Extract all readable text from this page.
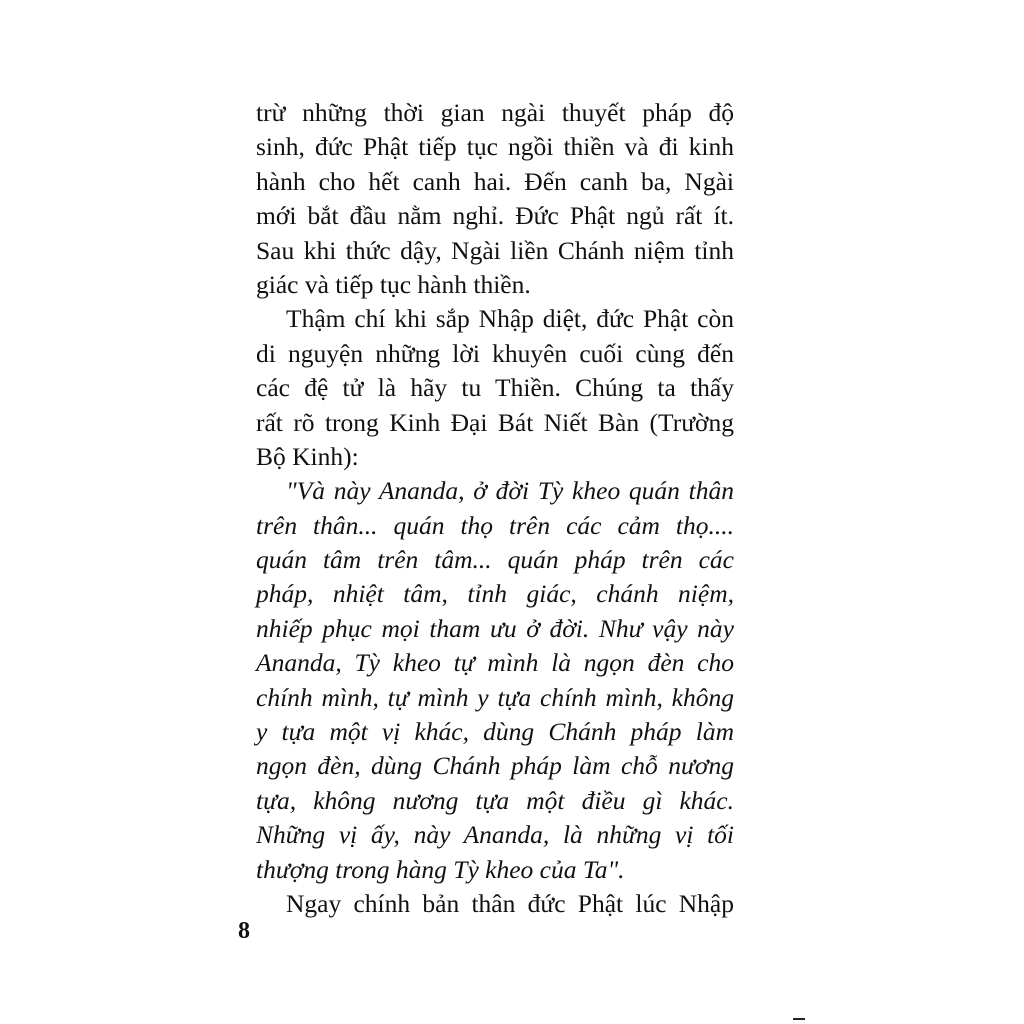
trừ những thời gian ngài thuyết pháp độ
sinh, đức Phật tiếp tục ngồi thiền và đi kinh
hành cho hết canh hai. Đến canh ba, Ngài
mới bắt đầu nằm nghỉ. Đức Phật ngủ rất ít.
Sau khi thức dậy, Ngài liền Chánh niệm tỉnh
giác và tiếp tục hành thiền.
Thậm chí khi sắp Nhập diệt, đức Phật còn
di nguyện những lời khuyên cuối cùng đến
các đệ tử là hãy tu Thiền. Chúng ta thấy
rất rõ trong Kinh Đại Bát Niết Bàn (Trường
Bộ Kinh):
"Và này Ananda, ở đời Tỳ kheo quán thân
trên thân... quán thọ trên các cảm thọ....
quán tâm trên tâm... quán pháp trên các
pháp, nhiệt tâm, tỉnh giác, chánh niệm,
nhiếp phục mọi tham ưu ở đời. Như vậy này
Ananda, Tỳ kheo tự mình là ngọn đèn cho
chính mình, tự mình y tựa chính mình, không
y tựa một vị khác, dùng Chánh pháp làm
ngọn đèn, dùng Chánh pháp làm chỗ nương
tựa, không nương tựa một điều gì khác.
Những vị ấy, này Ananda, là những vị tối
thượng trong hàng Tỳ kheo của Ta".
Ngay chính bản thân đức Phật lúc Nhập
8
